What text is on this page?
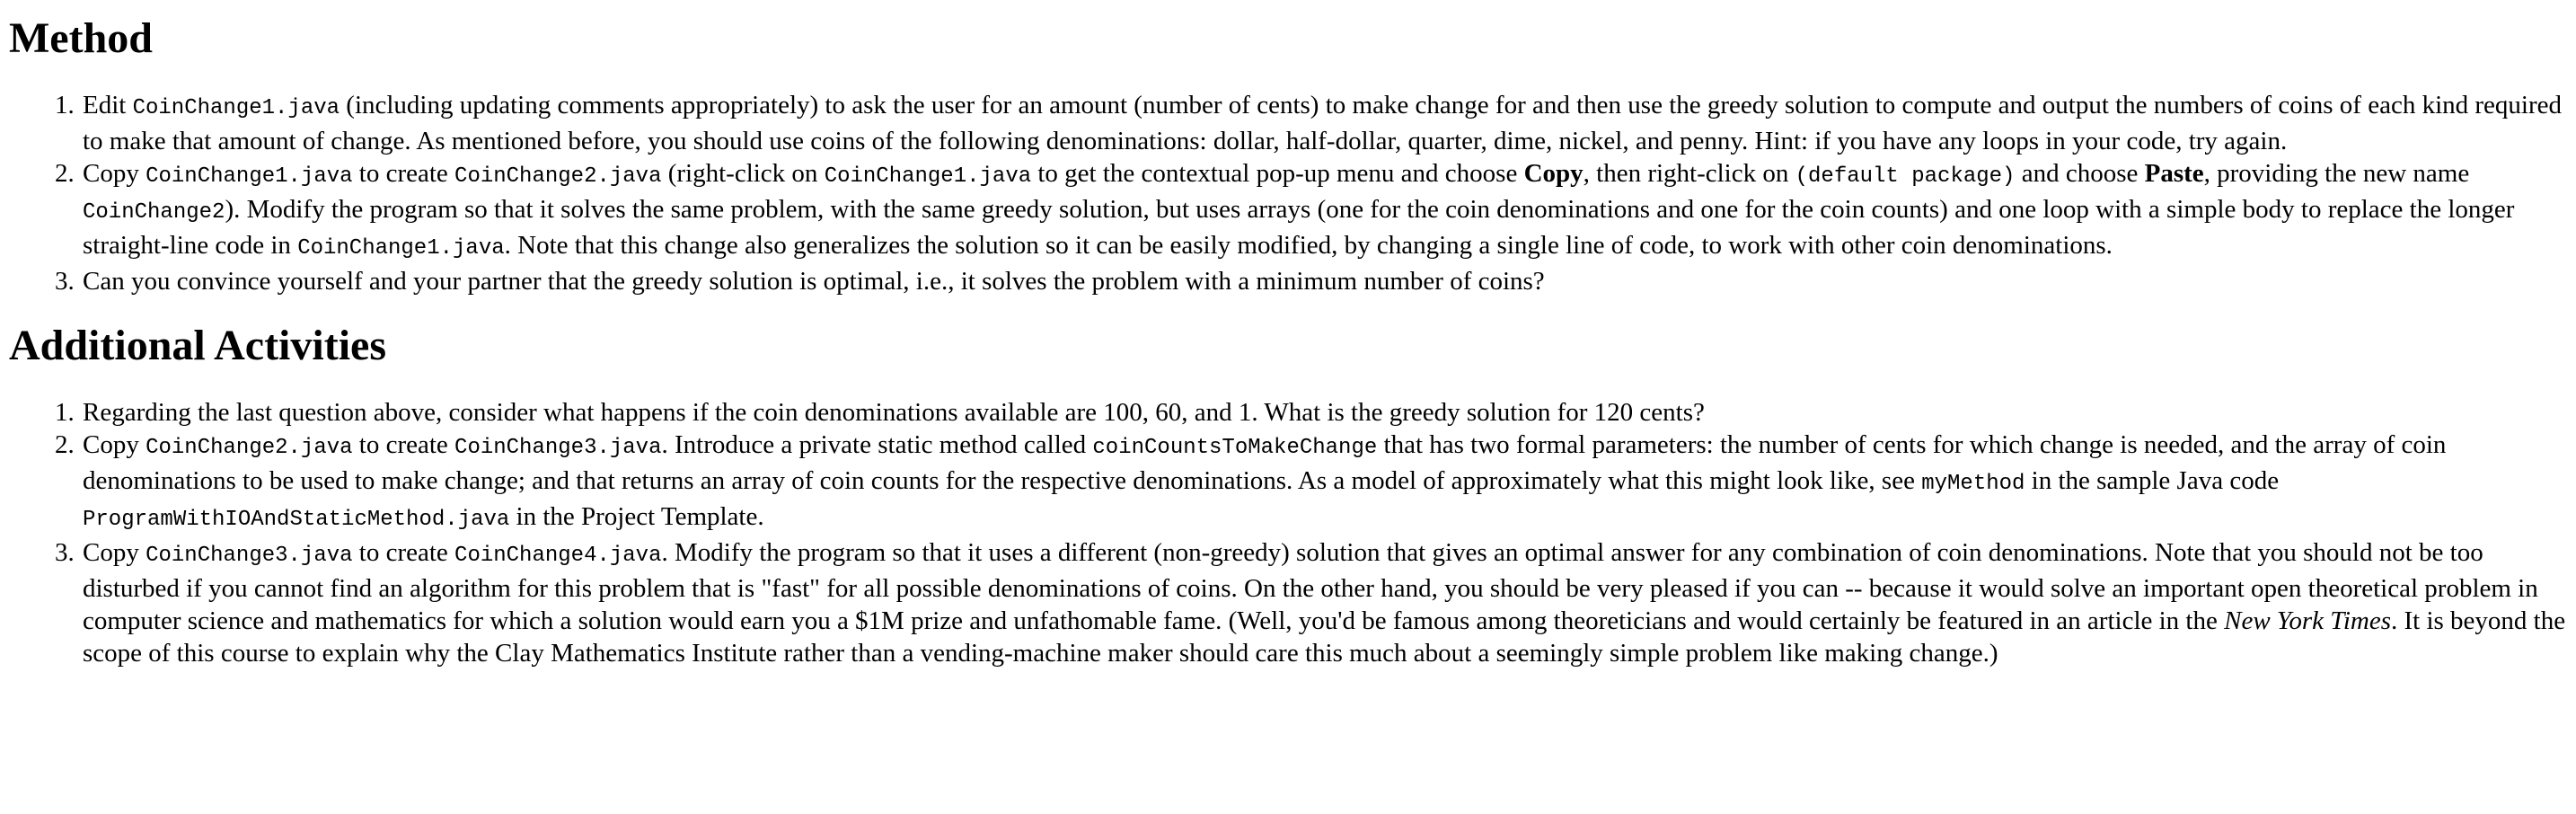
Method
1. Edit CoinChange1.java (including updating comments appropriately) to ask the user for an amount (number of cents) to make change for and then use the greedy solution to compute and output the numbers of coins of each kind required to make that amount of change. As mentioned before, you should use coins of the following denominations: dollar, half-dollar, quarter, dime, nickel, and penny. Hint: if you have any loops in your code, try again.
2. Copy CoinChange1.java to create CoinChange2.java (right-click on CoinChange1.java to get the contextual pop-up menu and choose Copy, then right-click on (default package) and choose Paste, providing the new name CoinChange2). Modify the program so that it solves the same problem, with the same greedy solution, but uses arrays (one for the coin denominations and one for the coin counts) and one loop with a simple body to replace the longer straight-line code in CoinChange1.java. Note that this change also generalizes the solution so it can be easily modified, by changing a single line of code, to work with other coin denominations.
3. Can you convince yourself and your partner that the greedy solution is optimal, i.e., it solves the problem with a minimum number of coins?
Additional Activities
1. Regarding the last question above, consider what happens if the coin denominations available are 100, 60, and 1. What is the greedy solution for 120 cents?
2. Copy CoinChange2.java to create CoinChange3.java. Introduce a private static method called coinCountsToMakeChange that has two formal parameters: the number of cents for which change is needed, and the array of coin denominations to be used to make change; and that returns an array of coin counts for the respective denominations. As a model of approximately what this might look like, see myMethod in the sample Java code ProgramWithIOAndStaticMethod.java in the Project Template.
3. Copy CoinChange3.java to create CoinChange4.java. Modify the program so that it uses a different (non-greedy) solution that gives an optimal answer for any combination of coin denominations. Note that you should not be too disturbed if you cannot find an algorithm for this problem that is "fast" for all possible denominations of coins. On the other hand, you should be very pleased if you can -- because it would solve an important open theoretical problem in computer science and mathematics for which a solution would earn you a $1M prize and unfathomable fame. (Well, you'd be famous among theoreticians and would certainly be featured in an article in the New York Times. It is beyond the scope of this course to explain why the Clay Mathematics Institute rather than a vending-machine maker should care this much about a seemingly simple problem like making change.)
